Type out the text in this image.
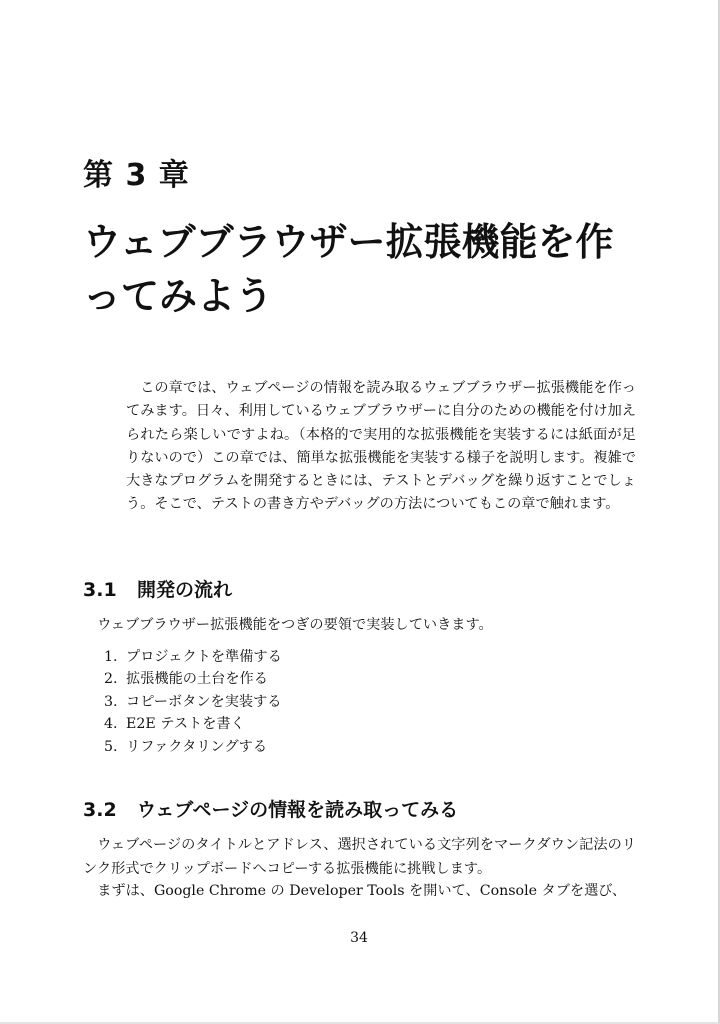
第 3 章
ウェブブラウザー拡張機能を作ってみよう

この章では、ウェブページの情報を読み取るウェブブラウザー拡張機能を作ってみます。日々、利用しているウェブブラウザーに自分のための機能を付け加えられたら楽しいですよね。（本格的で実用的な拡張機能を実装するには紙面が足りないので）この章では、簡単な拡張機能を実装する様子を説明します。複雑で大きなプログラムを開発するときには、テストとデバッグを繰り返すことでしょう。そこで、テストの書き方やデバッグの方法についてもこの章で触れます。

3.1 開発の流れ

ウェブブラウザー拡張機能をつぎの要領で実装していきます。

1. プロジェクトを準備する
2. 拡張機能の土台を作る
3. コピーボタンを実装する
4. E2E テストを書く
5. リファクタリングする
3.2 ウェブページの情報を読み取ってみる

ウェブページのタイトルとアドレス、選択されている文字列をマークダウン記法のリンク形式でクリップボードへコピーする拡張機能に挑戦します。

まずは、Google Chrome の Developer Tools を開いて、Console タブを選び、

34
